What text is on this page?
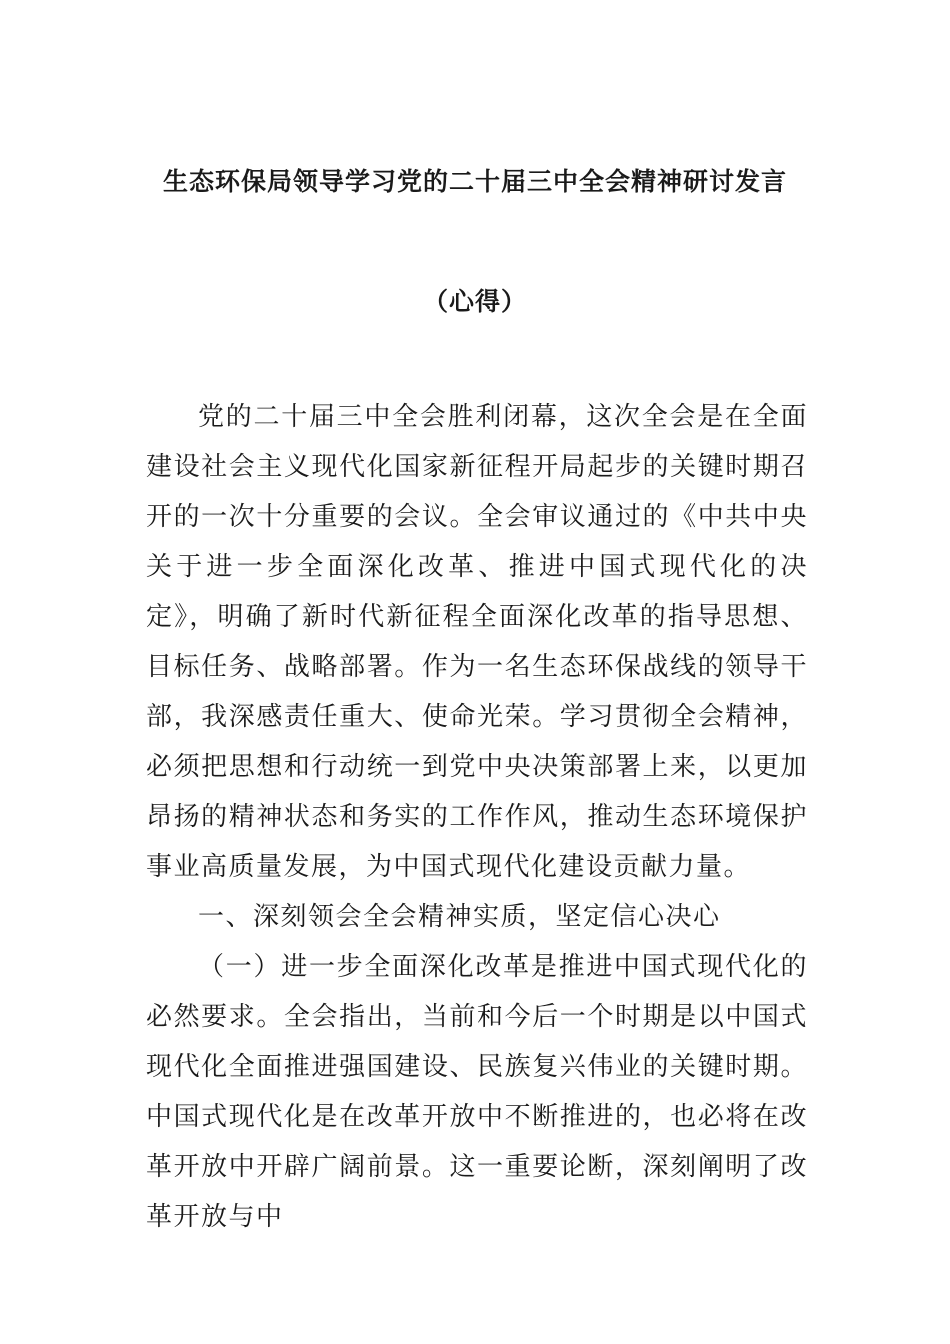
生态环保局领导学习党的二十届三中全会精神研讨发言
（心得）

党的二十届三中全会胜利闭幕，这次全会是在全面建设社会主义现代化国家新征程开局起步的关键时期召开的一次十分重要的会议。全会审议通过的《中共中央关于进一步全面深化改革、推进中国式现代化的决定》，明确了新时代新征程全面深化改革的指导思想、目标任务、战略部署。作为一名生态环保战线的领导干部，我深感责任重大、使命光荣。学习贯彻全会精神，必须把思想和行动统一到党中央决策部署上来，以更加昂扬的精神状态和务实的工作作风，推动生态环境保护事业高质量发展，为中国式现代化建设贡献力量。

一、深刻领会全会精神实质，坚定信心决心

（一）进一步全面深化改革是推进中国式现代化的必然要求。全会指出，当前和今后一个时期是以中国式现代化全面推进强国建设、民族复兴伟业的关键时期。中国式现代化是在改革开放中不断推进的，也必将在改革开放中开辟广阔前景。这一重要论断，深刻阐明了改革开放与中
